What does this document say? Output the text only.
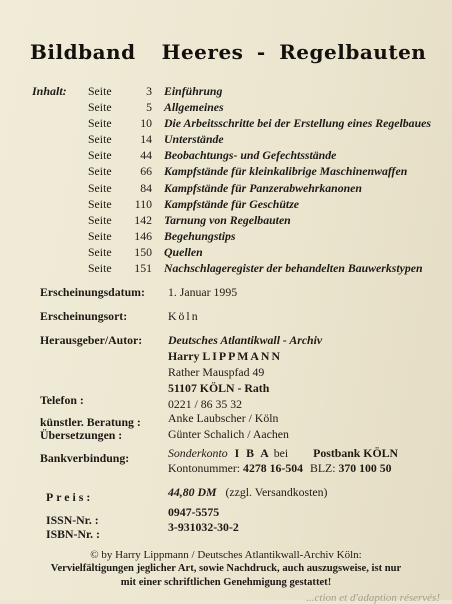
Bildband Heeres - Regelbauten
Inhalt: Seite	3	Einführung
Seite	5	Allgemeines
Seite	10	Die Arbeitsschritte bei der Erstellung eines Regelbaues
Seite	14	Unterstände
Seite	44	Beobachtungs- und Gefechtsstände
Seite	66	Kampfstände für kleinkalibrige Maschinenwaffen
Seite	84	Kampfstände für Panzerabwehrkanonen
Seite	110	Kampfstände für Geschütze
Seite	142	Tarnung von Regelbauten
Seite	146	Begehungstips
Seite	150	Quellen
Seite	151	Nachschlageregister der behandelten Bauwerkstypen
Erscheinungsdatum: 1. Januar 1995
Erscheinungsort:	Köln
Herausgeber/Autor: Deutsches Atlantikwall - Archiv
Harry LIPPMANN
Rather Mauspfad 49
51107 KÖLN - Rath
Telefon :	0221 / 86 35 32
künstler. Beratung : Anke Laubscher / Köln
Übersetzungen :	Günter Schalich / Aachen
Bankverbindung:	Sonderkonto I B A bei Postbank KÖLN
Kontonummer: 4278 16-504 BLZ: 370 100 50
Preis:	44,80 DM (zzgl. Versandkosten)
ISSN-Nr. :
0947-5575
ISBN-Nr. :	3-931032-30-2
© by Harry Lippmann / Deutsches Atlantikwall-Archiv Köln:
Vervielfältigungen jeglicher Art, sowie Nachdruck, auch auszugsweise, ist nur
mit einer schriftlichen Genehmigung gestattet!
...ction et d'adaption réservés!
